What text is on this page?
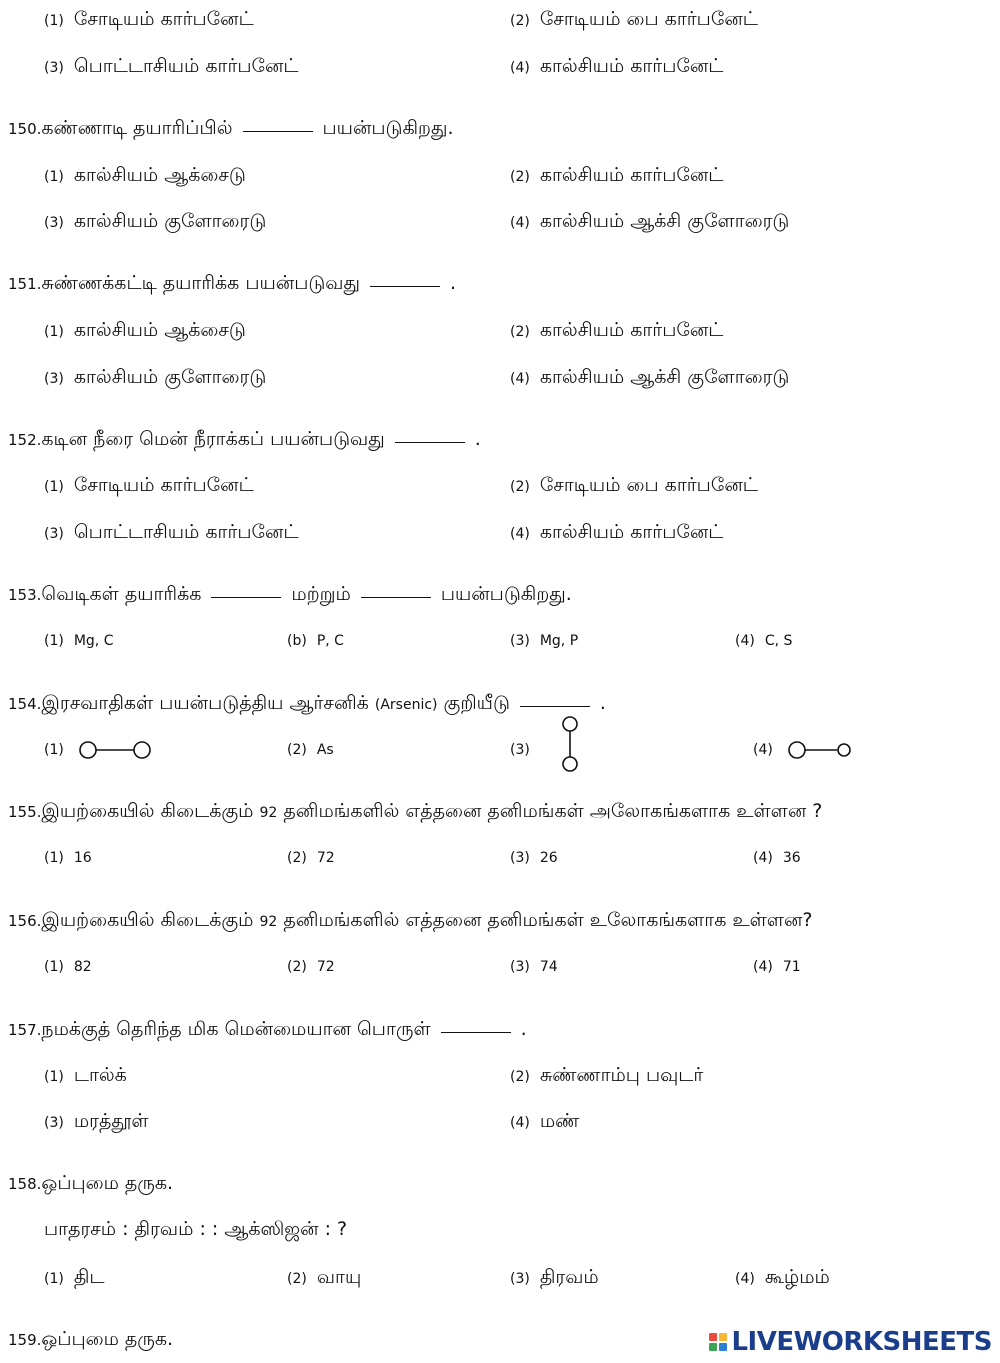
(1) சோடியம் கார்பனேட்	(2) சோடியம் பை கார்பனேட்
(3) பொட்டாசியம் கார்பனேட்	(4) கால்சியம் கார்பனேட்
150.கண்ணாடி தயாரிப்பில்	பயன்படுகிறது.
(1) கால்சியம் ஆக்சைடு	(2) கால்சியம் கார்பனேட்
(3) கால்சியம் குளோரைடு	(4) கால்சியம் ஆக்சி குளோரைடு
151.சுண்ணக்கட்டி தயாரிக்க பயன்படுவது	.
(1) கால்சியம் ஆக்சைடு	(2) கால்சியம் கார்பனேட்
(3) கால்சியம் குளோரைடு	(4) கால்சியம் ஆக்சி குளோரைடு
152.கடின நீரை மென் நீராக்கப் பயன்படுவது	.
(1) சோடியம் கார்பனேட்	(2) சோடியம் பை கார்பனேட்
(3) பொட்டாசியம் கார்பனேட்	(4) கால்சியம் கார்பனேட்
153.வெடிகள் தயாரிக்க	மற்றும்	பயன்படுகிறது.
(1) Mg, C	(b) P, C	(3) Mg, P	(4) C, S
154.இரசவாதிகள் பயன்படுத்திய ஆர்சனிக் (Arsenic) குறியீடு	.
(1)	(2) As	(3)	(4)
155.இயற்கையில் கிடைக்கும் 92 தனிமங்களில் எத்தனை தனிமங்கள் அலோகங்களாக உள்ளன ?
(1) 16	(2) 72	(3) 26	(4) 36
156.இயற்கையில் கிடைக்கும் 92 தனிமங்களில் எத்தனை தனிமங்கள் உலோகங்களாக உள்ளன?
(1) 82	(2) 72	(3) 74	(4) 71
157.நமக்குத் தெரிந்த மிக மென்மையான பொருள்	.
(1) டால்க்	(2) சுண்ணாம்பு பவுடர்
(3) மரத்தூள்	(4) மண்
158.ஒப்புமை தருக.
பாதரசம் : திரவம் : : ஆக்ஸிஜன் : ?
(1) திட	(2) வாயு	(3) திரவம்	(4) கூழ்மம்
159.ஒப்புமை தருக.	LIVEWORKSHEETS
